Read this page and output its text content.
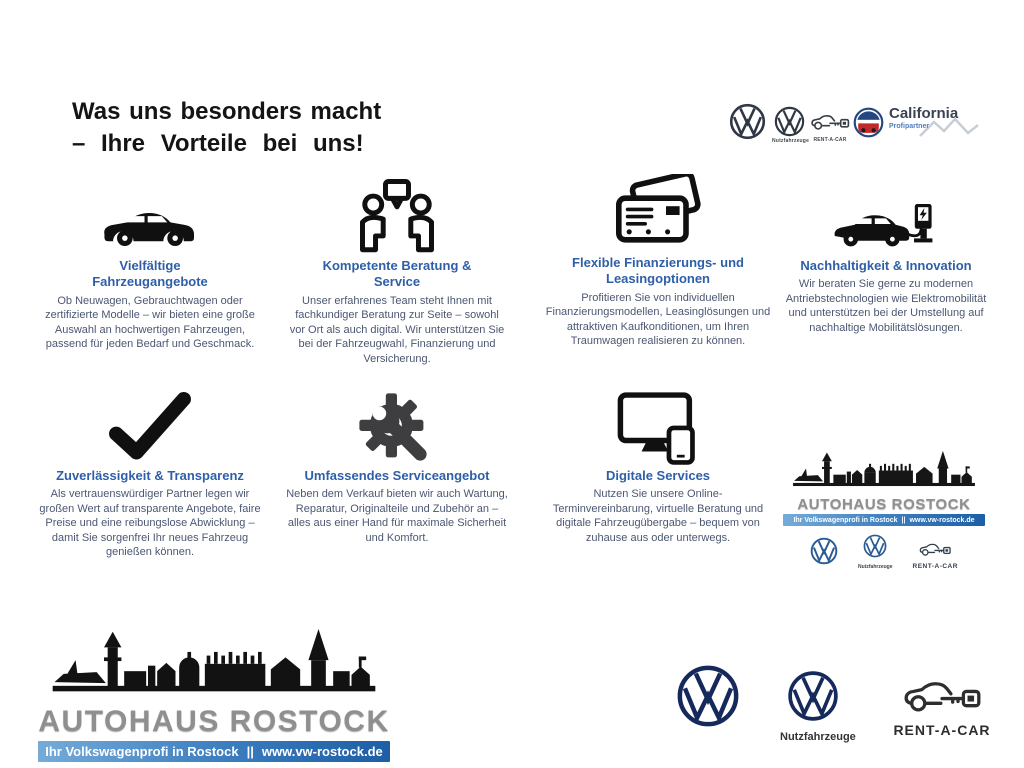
Was uns besonders macht
– Ihre Vorteile bei uns!	Nutzfahrzeuge RENT-A-CAR
California
Profipartner
Vielfältige Fahrzeugangebote

Ob Neuwagen, Gebrauchtwagen oder zertifizierte Modelle – wir bieten eine große Auswahl an hochwertigen Fahrzeugen, passend für jeden Bedarf und Geschmack.

Kompetente Beratung & Service

Unser erfahrenes Team steht Ihnen mit fachkundiger Beratung zur Seite – sowohl vor Ort als auch digital. Wir unterstützen Sie bei der Fahrzeugwahl, Finanzierung und Versicherung.

Flexible Finanzierungs- und Leasingoptionen

Profitieren Sie von individuellen Finanzierungsmodellen, Leasinglösungen und attraktiven Kaufkonditionen, um Ihren Traumwagen realisieren zu können.

Nachhaltigkeit & Innovation

Wir beraten Sie gerne zu modernen Antriebstechnologien wie Elektromobilität und unterstützen bei der Umstellung auf nachhaltige Mobilitätslösungen.

Zuverlässigkeit & Transparenz

Als vertrauenswürdiger Partner legen wir großen Wert auf transparente Angebote, faire Preise und eine reibungslose Abwicklung – damit Sie sorgenfrei Ihr neues Fahrzeug genießen können.

Umfassendes Serviceangebot

Neben dem Verkauf bieten wir auch Wartung, Reparatur, Originalteile und Zubehör an – alles aus einer Hand für maximale Sicherheit und Komfort.

Digitale Services

Nutzen Sie unsere Online-Terminvereinbarung, virtuelle Beratung und digitale Fahrzeugübergabe – bequem von zuhause aus oder unterwegs.

AUTOHAUS ROSTOCK
Ihr Volkswagenprofi in Rostock || www.vw-rostock.de
Nutzfahrzeuge	RENT-A-CAR
AUTOHAUS ROSTOCK
Ihr Volkswagenprofi in Rostock || www.vw-rostock.de
Nutzfahrzeuge	RENT-A-CAR
